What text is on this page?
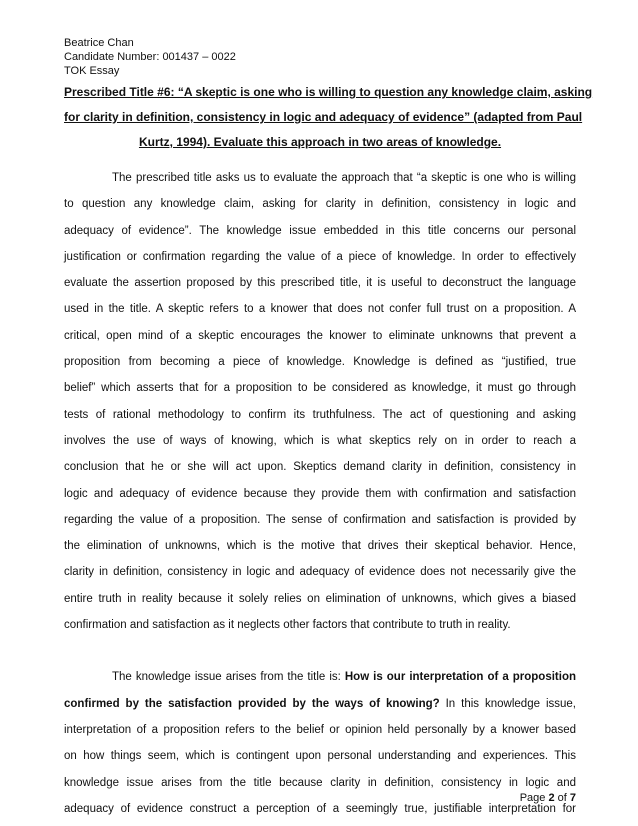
Beatrice Chan
Candidate Number: 001437 – 0022
TOK Essay
Prescribed Title #6: “A skeptic is one who is willing to question any knowledge claim, asking
for clarity in definition, consistency in logic and adequacy of evidence” (adapted from Paul
Kurtz, 1994). Evaluate this approach in two areas of knowledge.
The prescribed title asks us to evaluate the approach that “a skeptic is one who is willing
to question any knowledge claim, asking for clarity in definition, consistency in logic and
adequacy of evidence”. The knowledge issue embedded in this title concerns our personal
justification or confirmation regarding the value of a piece of knowledge. In order to effectively
evaluate the assertion proposed by this prescribed title, it is useful to deconstruct the language
used in the title. A skeptic refers to a knower that does not confer full trust on a proposition. A
critical, open mind of a skeptic encourages the knower to eliminate unknowns that prevent a
proposition from becoming a piece of knowledge. Knowledge is defined as “justified, true
belief” which asserts that for a proposition to be considered as knowledge, it must go through
tests of rational methodology to confirm its truthfulness. The act of questioning and asking
involves the use of ways of knowing, which is what skeptics rely on in order to reach a
conclusion that he or she will act upon. Skeptics demand clarity in definition, consistency in
logic and adequacy of evidence because they provide them with confirmation and satisfaction
regarding the value of a proposition. The sense of confirmation and satisfaction is provided by
the elimination of unknowns, which is the motive that drives their skeptical behavior. Hence,
clarity in definition, consistency in logic and adequacy of evidence does not necessarily give the
entire truth in reality because it solely relies on elimination of unknowns, which gives a biased
confirmation and satisfaction as it neglects other factors that contribute to truth in reality.
The knowledge issue arises from the title is: How is our interpretation of a proposition
confirmed by the satisfaction provided by the ways of knowing? In this knowledge issue,
interpretation of a proposition refers to the belief or opinion held personally by a knower based
on how things seem, which is contingent upon personal understanding and experiences. This
knowledge issue arises from the title because clarity in definition, consistency in logic and
adequacy of evidence construct a perception of a seemingly true, justifiable interpretation for
Page 2 of 7
